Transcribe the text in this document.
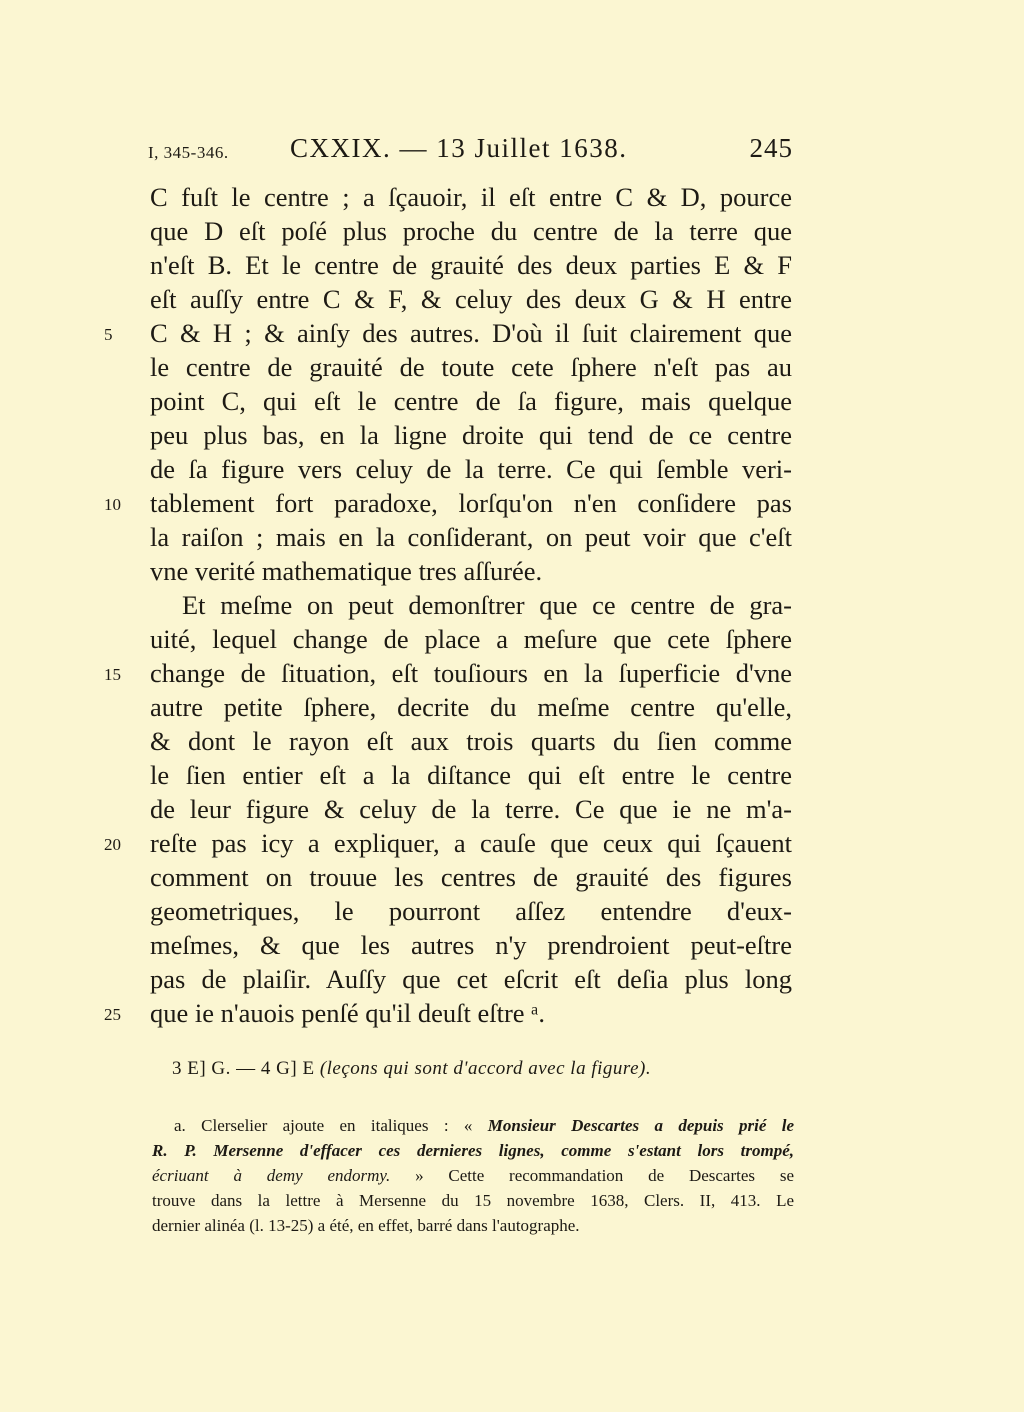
I, 345-346. CXXIX. — 13 Juillet 1638.	245
C fuſt le centre ; a ſçauoir, il eſt entre C & D, pource
que D eſt poſé plus proche du centre de la terre que
n'eſt B. Et le centre de grauité des deux parties E & F
eſt auſſy entre C & F, & celuy des deux G & H entre
5	C & H ; & ainſy des autres. D'où il ſuit clairement que
le centre de grauité de toute cete ſphere n'eſt pas au
point C, qui eſt le centre de ſa figure, mais quelque
peu plus bas, en la ligne droite qui tend de ce centre
de ſa figure vers celuy de la terre. Ce qui ſemble veri-
10	tablement fort paradoxe, lorſqu'on n'en conſidere pas
la raiſon ; mais en la conſiderant, on peut voir que c'eſt
vne verité mathematique tres aſſurée.
Et meſme on peut demonſtrer que ce centre de gra-
uité, lequel change de place a meſure que cete ſphere
15	change de ſituation, eſt touſiours en la ſuperficie d'vne
autre petite ſphere, decrite du meſme centre qu'elle,
& dont le rayon eſt aux trois quarts du ſien comme
le ſien entier eſt a la diſtance qui eſt entre le centre
de leur figure & celuy de la terre. Ce que ie ne m'a-
20	reſte pas icy a expliquer, a cauſe que ceux qui ſçauent
comment on trouue les centres de grauité des figures
geometriques, le pourront aſſez entendre d'eux-
meſmes, & que les autres n'y prendroient peut-eſtre
pas de plaiſir. Auſſy que cet eſcrit eſt deſia plus long
25	que ie n'auois penſé qu'il deuſt eſtre ᵃ.
3 E] G. — 4 G] E (leçons qui sont d'accord avec la figure).
a. Clerselier ajoute en italiques : « Monsieur Descartes a depuis prié le
R. P. Mersenne d'effacer ces dernieres lignes, comme s'estant lors trompé,
écriuant à demy endormy. » Cette recommandation de Descartes se
trouve dans la lettre à Mersenne du 15 novembre 1638, Clers. II, 413. Le
dernier alinéa (l. 13-25) a été, en effet, barré dans l'autographe.
